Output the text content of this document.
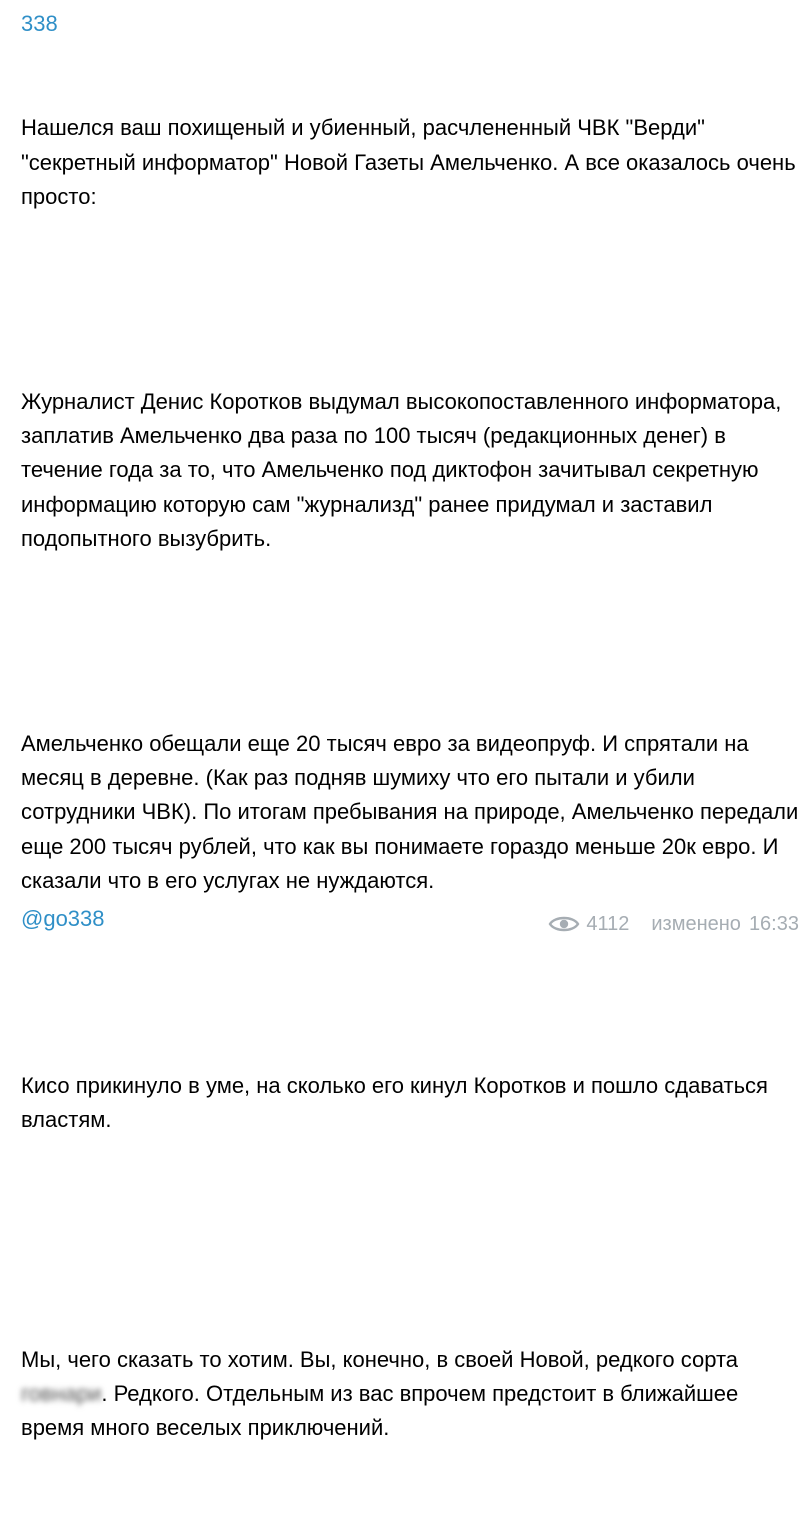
338

Нашелся ваш похищеный и убиенный, расчлененный ЧВК "Верди" "секретный информатор" Новой Газеты Амельченко. А все оказалось очень просто:

Журналист Денис Коротков выдумал высокопоставленного информатора, заплатив Амельченко два раза по 100 тысяч (редакционных денег) в течение года за то, что Амельченко под диктофон зачитывал секретную информацию которую сам "журнализд" ранее придумал и заставил подопытного вызубрить.

Амельченко обещали еще 20 тысяч евро за видеопруф. И спрятали на месяц в деревне. (Как раз подняв шумиху что его пытали и убили сотрудники ЧВК). По итогам пребывания на природе, Амельченко передали еще 200 тысяч рублей, что как вы понимаете гораздо меньше 20к евро. И сказали что в его услугах не нуждаются.

Кисо прикинуло в уме, на сколько его кинул Коротков и пошло сдаваться властям.

Мы, чего сказать то хотим. Вы, конечно, в своей Новой, редкого сорта говнари. Редкого. Отдельным из вас впрочем предстоит в ближайшее время много веселых приключений.

@go338	4112 изменено 16:33
